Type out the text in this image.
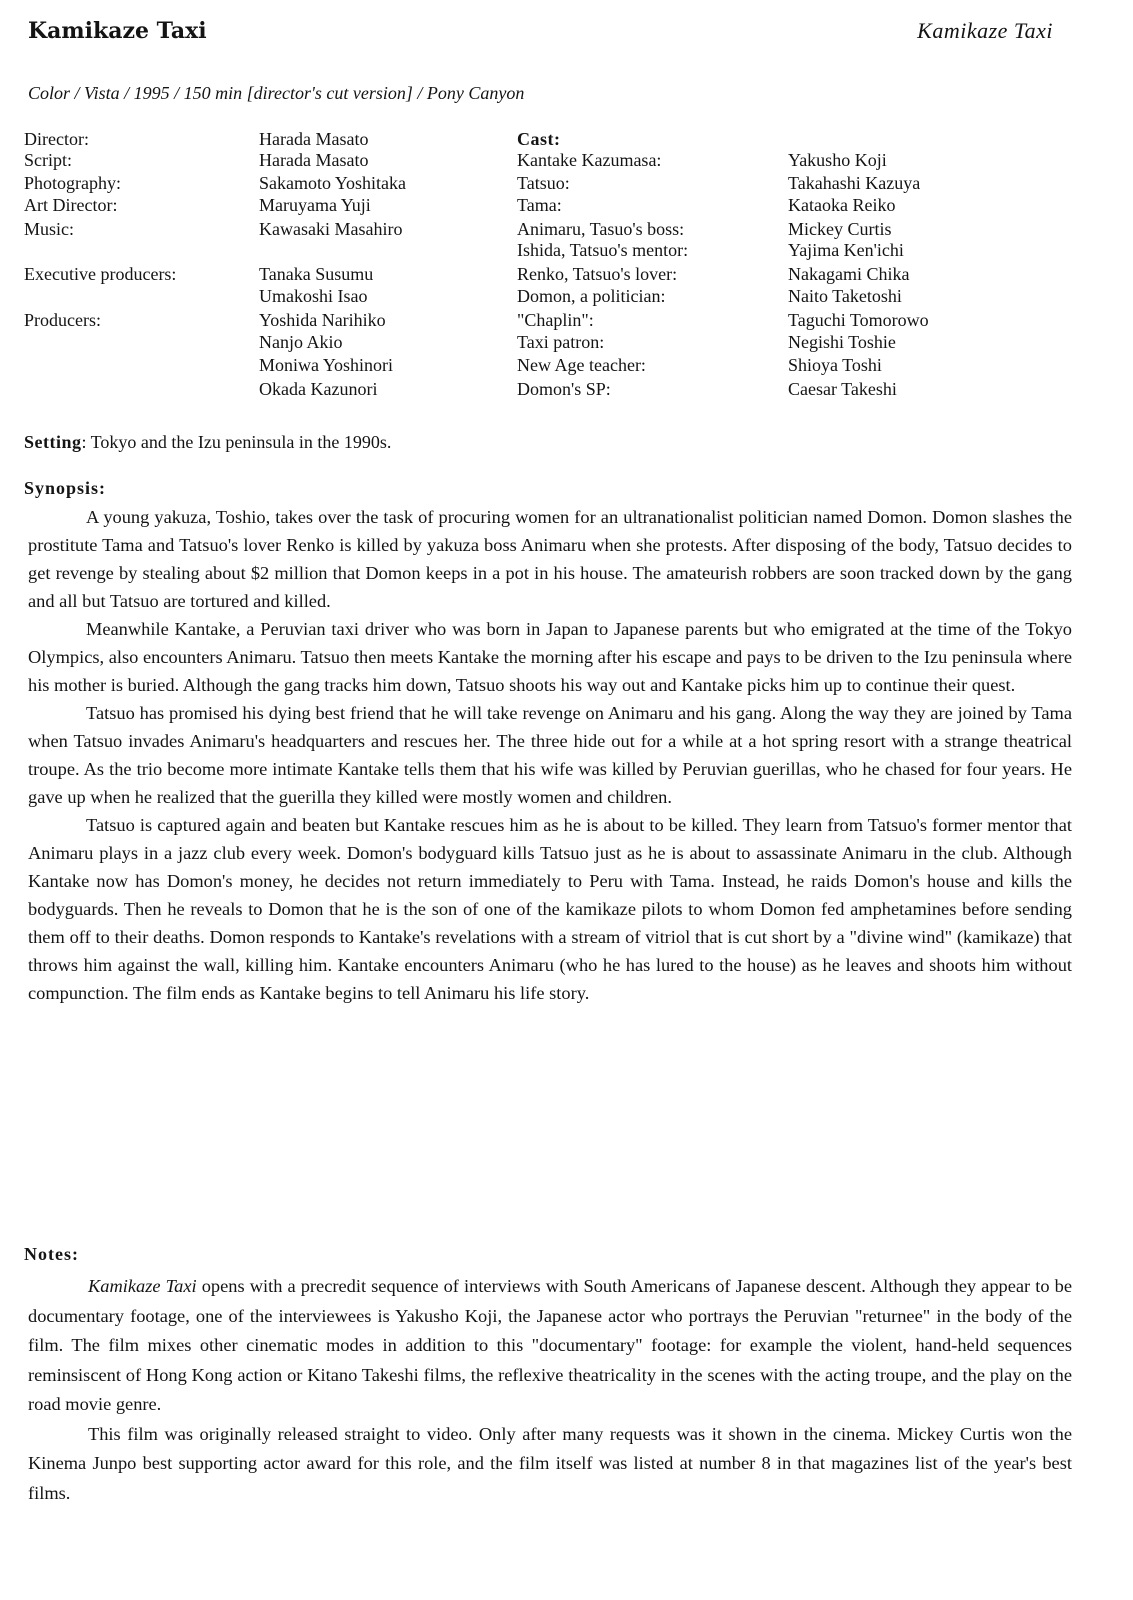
Kamikaze Taxi	Kamikaze Taxi
Color / Vista / 1995 / 150 min [director's cut version] / Pony Canyon
Director:
Script:
Photography:
Art Director:
Music:
Executive producers:
Producers:
Harada Masato
Harada Masato
Sakamoto Yoshitaka
Maruyama Yuji
Kawasaki Masahiro
Tanaka Susumu
Umakoshi Isao
Yoshida Narihiko
Nanjo Akio
Moniwa Yoshinori
Okada Kazunori
Cast:
Kantake Kazumasa:
Tatsuo:
Tama:
Animaru, Tasuo's boss:
Ishida, Tatsuo's mentor:
Renko, Tatsuo's lover:
Domon, a politician:
"Chaplin":
Taxi patron:
New Age teacher:
Domon's SP:
Yakusho Koji
Takahashi Kazuya
Kataoka Reiko
Mickey Curtis
Yajima Ken'ichi
Nakagami Chika
Naito Taketoshi
Taguchi Tomorowo
Negishi Toshie
Shioya Toshi
Caesar Takeshi
Setting: Tokyo and the Izu peninsula in the 1990s.
Synopsis:

A young yakuza, Toshio, takes over the task of procuring women for an ultranationalist politician named Domon. Domon slashes the prostitute Tama and Tatsuo's lover Renko is killed by yakuza boss Animaru when she protests. After disposing of the body, Tatsuo decides to get revenge by stealing about $2 million that Domon keeps in a pot in his house. The amateurish robbers are soon tracked down by the gang and all but Tatsuo are tortured and killed.

Meanwhile Kantake, a Peruvian taxi driver who was born in Japan to Japanese parents but who emigrated at the time of the Tokyo Olympics, also encounters Animaru. Tatsuo then meets Kantake the morning after his escape and pays to be driven to the Izu peninsula where his mother is buried. Although the gang tracks him down, Tatsuo shoots his way out and Kantake picks him up to continue their quest.

Tatsuo has promised his dying best friend that he will take revenge on Animaru and his gang. Along the way they are joined by Tama when Tatsuo invades Animaru's headquarters and rescues her. The three hide out for a while at a hot spring resort with a strange theatrical troupe. As the trio become more intimate Kantake tells them that his wife was killed by Peruvian guerillas, who he chased for four years. He gave up when he realized that the guerilla they killed were mostly women and children.

Tatsuo is captured again and beaten but Kantake rescues him as he is about to be killed. They learn from Tatsuo's former mentor that Animaru plays in a jazz club every week. Domon's bodyguard kills Tatsuo just as he is about to assassinate Animaru in the club. Although Kantake now has Domon's money, he decides not return immediately to Peru with Tama. Instead, he raids Domon's house and kills the bodyguards. Then he reveals to Domon that he is the son of one of the kamikaze pilots to whom Domon fed amphetamines before sending them off to their deaths. Domon responds to Kantake's revelations with a stream of vitriol that is cut short by a "divine wind" (kamikaze) that throws him against the wall, killing him. Kantake encounters Animaru (who he has lured to the house) as he leaves and shoots him without compunction. The film ends as Kantake begins to tell Animaru his life story.

Notes:

Kamikaze Taxi opens with a precredit sequence of interviews with South Americans of Japanese descent. Although they appear to be documentary footage, one of the interviewees is Yakusho Koji, the Japanese actor who portrays the Peruvian "returnee" in the body of the film. The film mixes other cinematic modes in addition to this "documentary" footage: for example the violent, hand-held sequences reminsiscent of Hong Kong action or Kitano Takeshi films, the reflexive theatricality in the scenes with the acting troupe, and the play on the road movie genre.

This film was originally released straight to video. Only after many requests was it shown in the cinema. Mickey Curtis won the Kinema Junpo best supporting actor award for this role, and the film itself was listed at number 8 in that magazines list of the year's best films.
